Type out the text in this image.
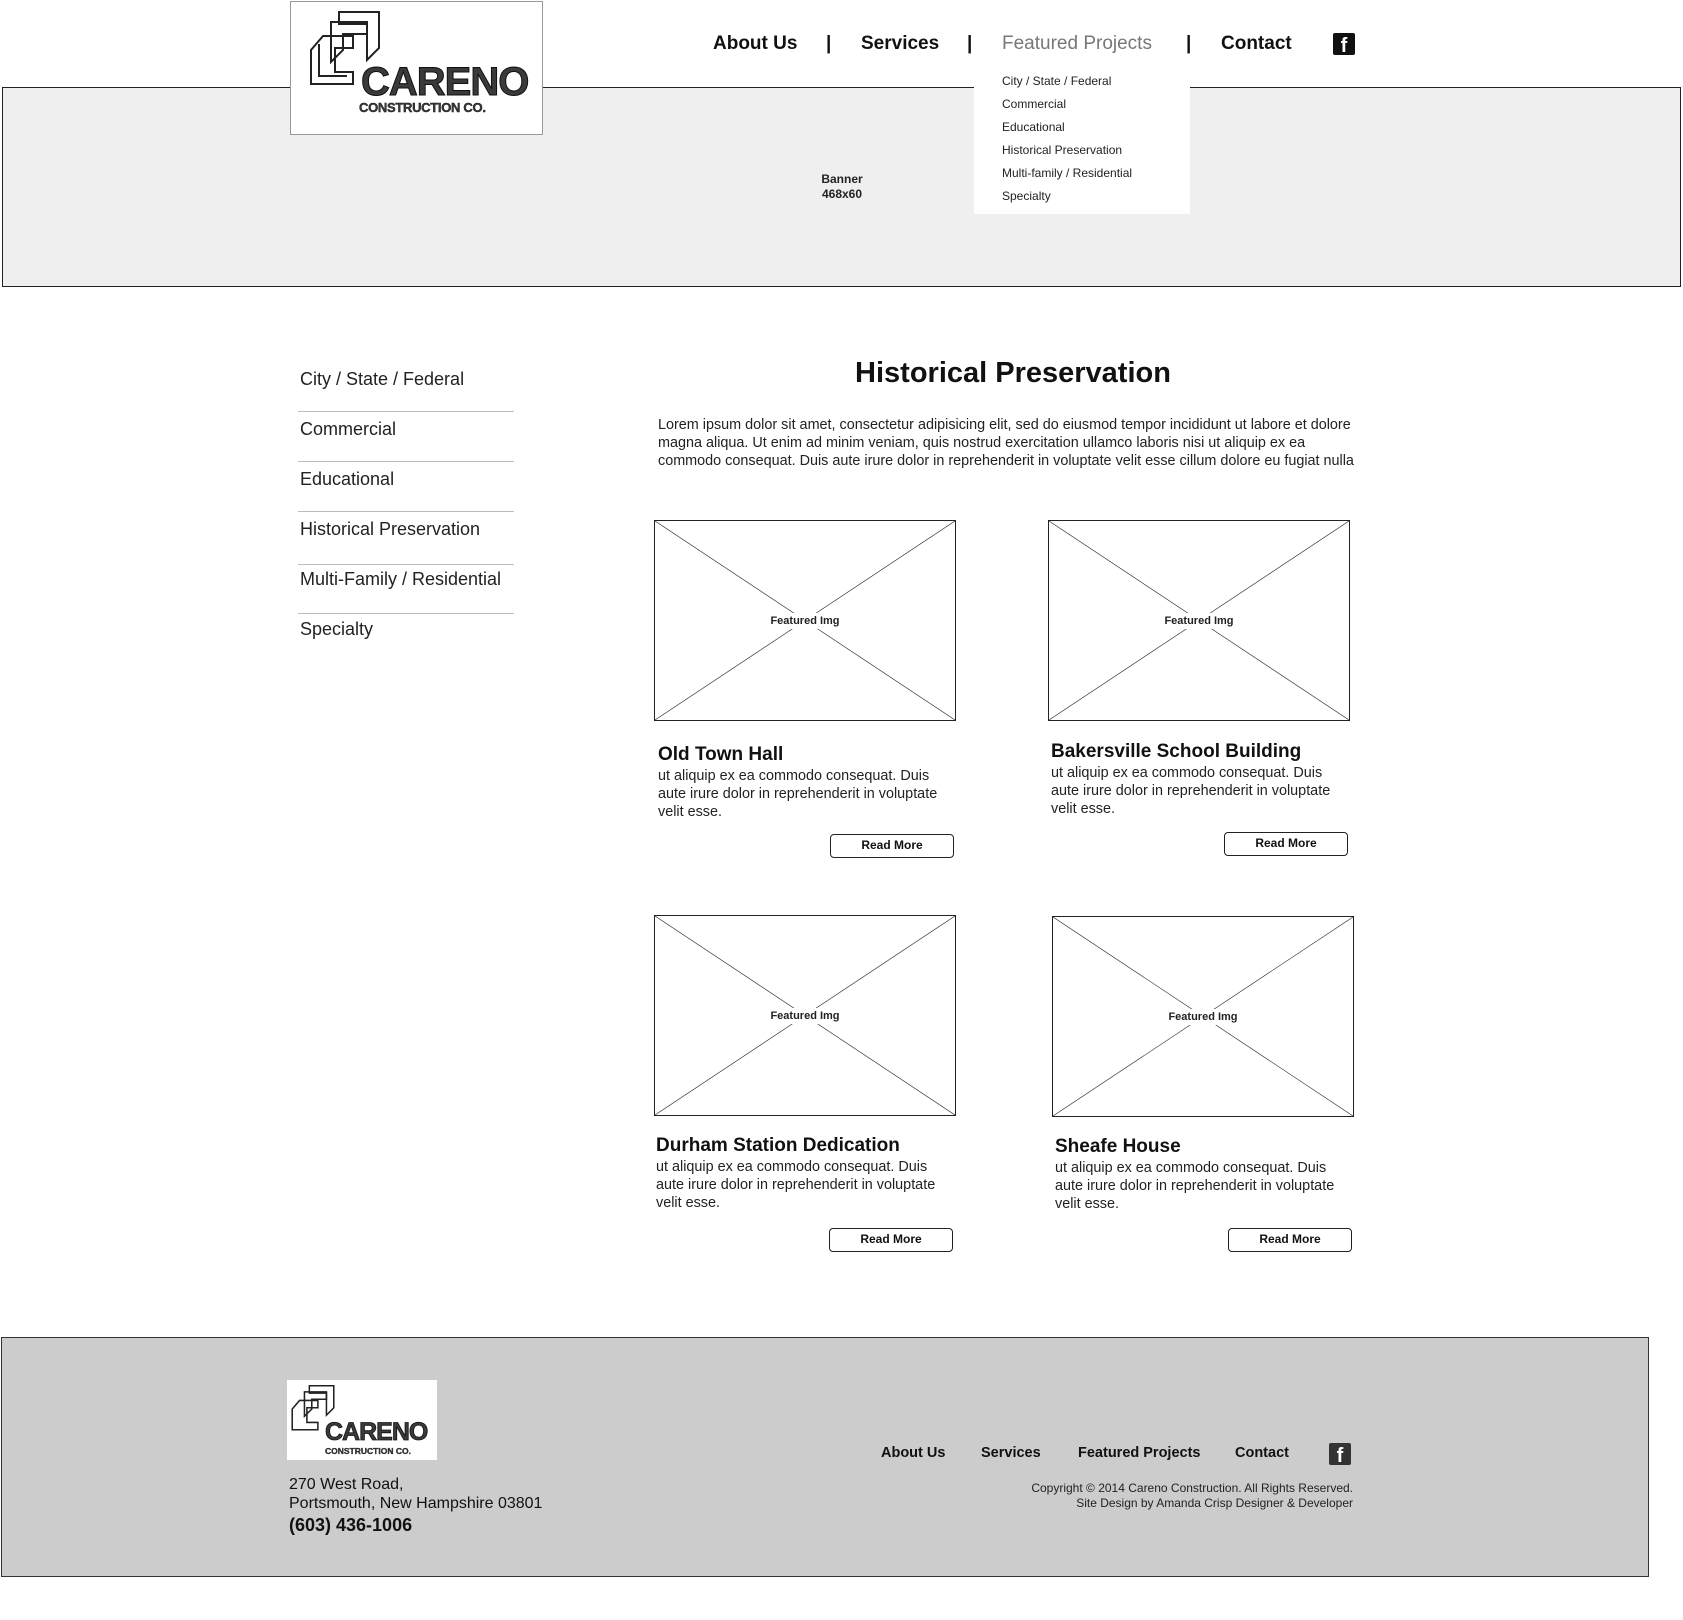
Banner
468x60
CARENO
CONSTRUCTION CO.
About Us | Services | Featured Projects | Contact	f
City / State / Federal
Commercial
Educational
Historical Preservation
Multi-family / Residential
Specialty
City / State / Federal
Commercial
Educational
Historical Preservation
Multi-Family / Residential
Specialty
Historical Preservation
Lorem ipsum dolor sit amet, consectetur adipisicing elit, sed do eiusmod tempor incididunt ut labore et dolore magna aliqua. Ut enim ad minim veniam, quis nostrud exercitation ullamco laboris nisi ut aliquip ex ea commodo consequat. Duis aute irure dolor in reprehenderit in voluptate velit esse cillum dolore eu fugiat nulla
Featured Img
Old Town Hall
ut aliquip ex ea commodo consequat. Duis aute irure dolor in reprehenderit in voluptate velit esse.
Read More
Featured Img
Bakersville School Building
ut aliquip ex ea commodo consequat. Duis aute irure dolor in reprehenderit in voluptate velit esse.
Read More
Featured Img
Durham Station Dedication
ut aliquip ex ea commodo consequat. Duis aute irure dolor in reprehenderit in voluptate velit esse.
Read More
Featured Img
Sheafe House
ut aliquip ex ea commodo consequat. Duis aute irure dolor in reprehenderit in voluptate velit esse.
Read More
CARENO
CONSTRUCTION CO.
270 West Road,
Portsmouth, New Hampshire 03801
(603) 436-1006
About Us Services	Featured Projects Contact	f
Copyright © 2014 Careno Construction. All Rights Reserved.
Site Design by Amanda Crisp Designer & Developer
